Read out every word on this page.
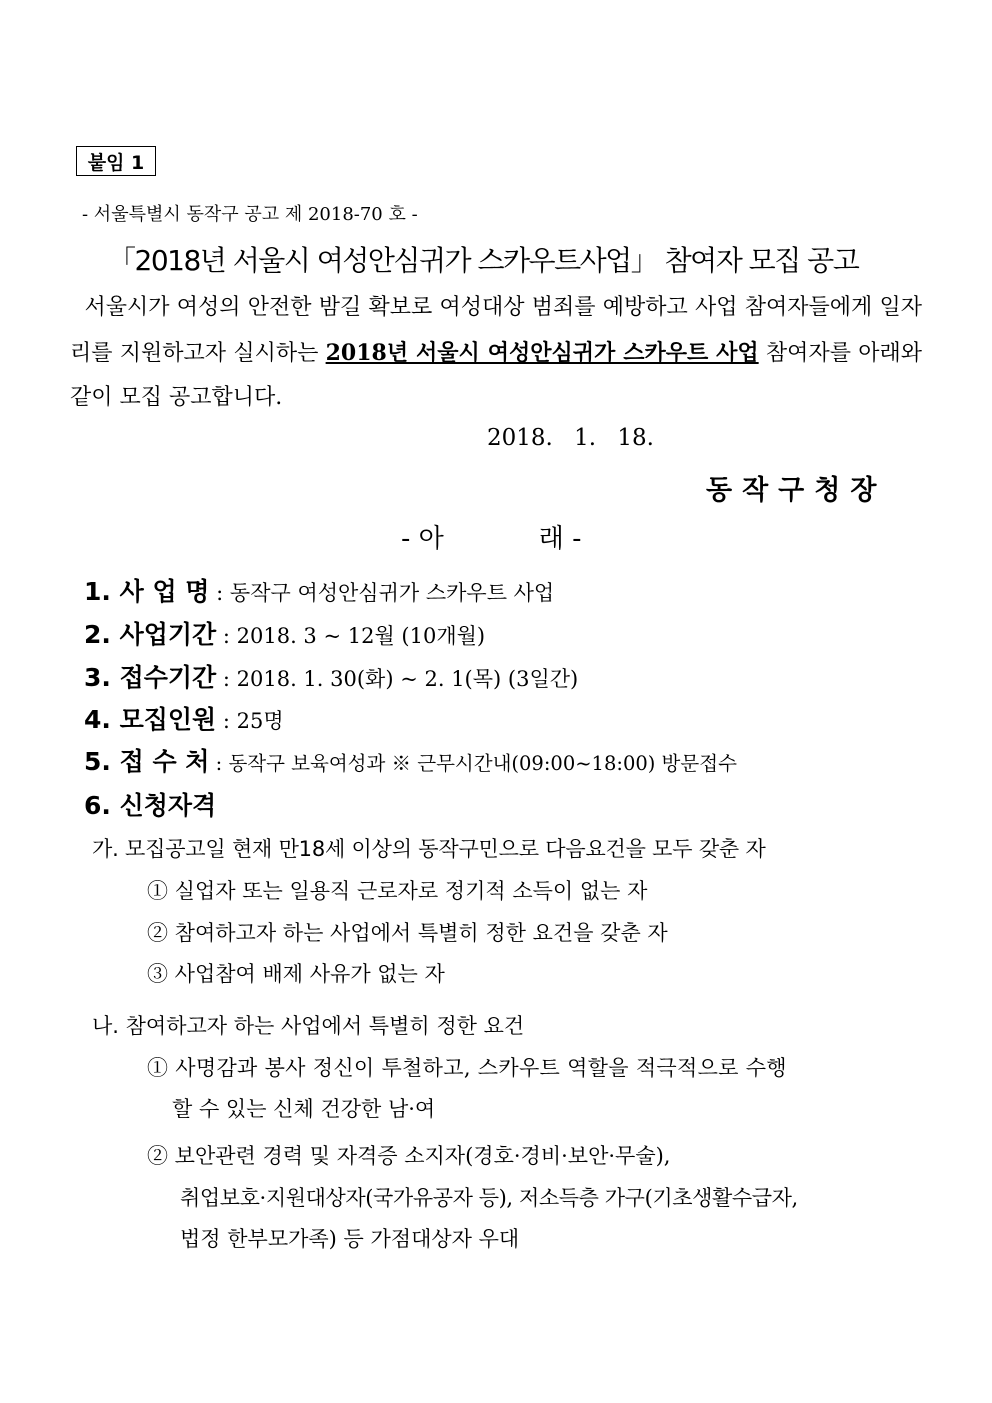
붙임 1
- 서울특별시 동작구 공고 제 2018-70 호 -
「2018년 서울시 여성안심귀가 스카우트사업」 참여자 모집 공고
서울시가 여성의 안전한 밤길 확보로 여성대상 범죄를 예방하고 사업 참여자들에게 일자리를 지원하고자 실시하는 2018년 서울시 여성안심귀가 스카우트 사업 참여자를 아래와 같이 모집 공고합니다.
2018. 1. 18.
동작구청장
- 아	래 -
1. 사 업 명 : 동작구 여성안심귀가 스카우트 사업
2. 사업기간 : 2018. 3 ~ 12월 (10개월)
3. 접수기간 : 2018. 1. 30(화) ~ 2. 1(목) (3일간)
4. 모집인원 : 25명
5. 접 수 처 : 동작구 보육여성과 ※ 근무시간내(09:00~18:00) 방문접수
6. 신청자격
가. 모집공고일 현재 만18세 이상의 동작구민으로 다음요건을 모두 갖춘 자
① 실업자 또는 일용직 근로자로 정기적 소득이 없는 자
② 참여하고자 하는 사업에서 특별히 정한 요건을 갖춘 자
③ 사업참여 배제 사유가 없는 자
나. 참여하고자 하는 사업에서 특별히 정한 요건
① 사명감과 봉사 정신이 투철하고, 스카우트 역할을 적극적으로 수행
할 수 있는 신체 건강한 남·여
② 보안관련 경력 및 자격증 소지자(경호·경비·보안·무술),
취업보호·지원대상자(국가유공자 등), 저소득층 가구(기초생활수급자,
법정 한부모가족) 등 가점대상자 우대
